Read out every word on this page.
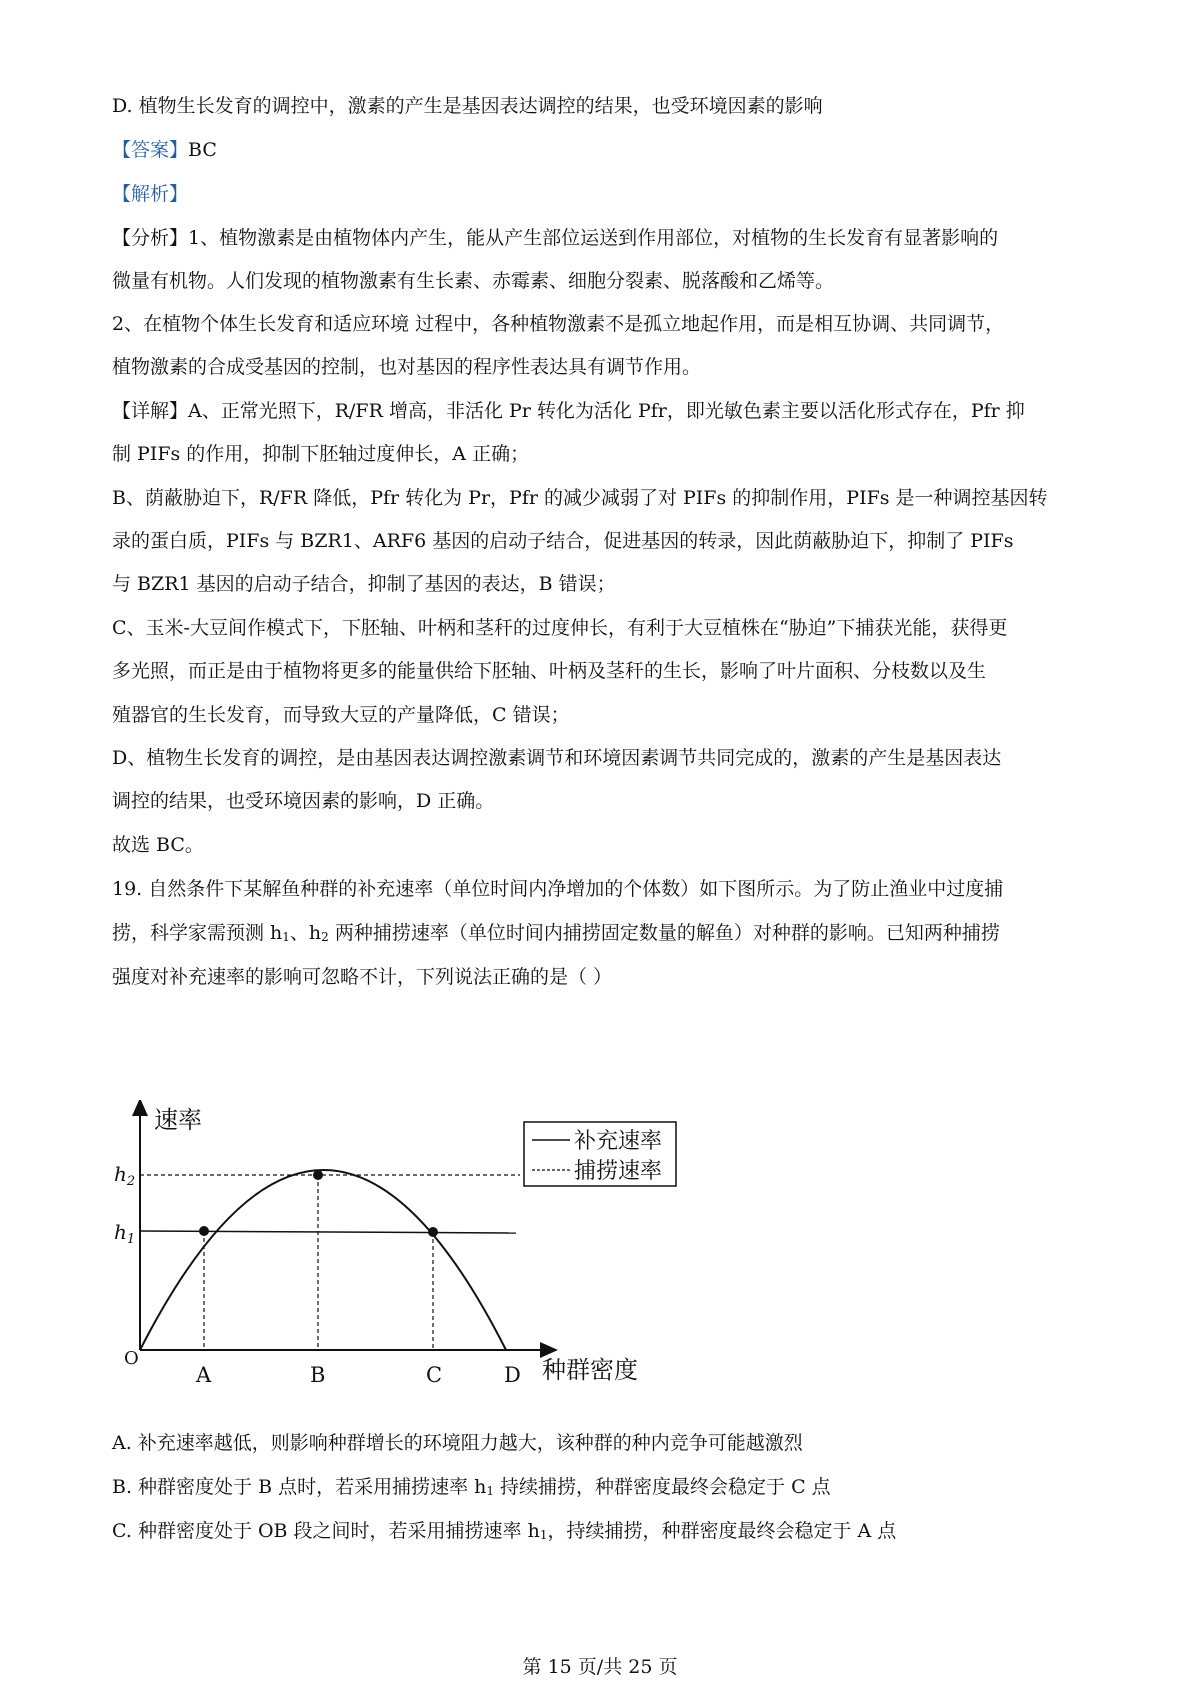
D. 植物生长发育的调控中，激素的产生是基因表达调控的结果，也受环境因素的影响
【答案】BC
【解析】
【分析】1、植物激素是由植物体内产生，能从产生部位运送到作用部位，对植物的生长发育有显著影响的
微量有机物。人们发现的植物激素有生长素、赤霉素、细胞分裂素、脱落酸和乙烯等。
2、在植物个体生长发育和适应环境 过程中，各种植物激素不是孤立地起作用，而是相互协调、共同调节，
植物激素的合成受基因的控制，也对基因的程序性表达具有调节作用。
【详解】A、正常光照下，R/FR 增高，非活化 Pr 转化为活化 Pfr，即光敏色素主要以活化形式存在，Pfr 抑
制 PIFs 的作用，抑制下胚轴过度伸长，A 正确；
B、荫蔽胁迫下，R/FR 降低，Pfr 转化为 Pr，Pfr 的减少减弱了对 PIFs 的抑制作用，PIFs 是一种调控基因转
录的蛋白质，PIFs 与 BZR1、ARF6 基因的启动子结合，促进基因的转录，因此荫蔽胁迫下，抑制了 PIFs
与 BZR1 基因的启动子结合，抑制了基因的表达，B 错误；
C、玉米-大豆间作模式下，下胚轴、叶柄和茎秆的过度伸长，有利于大豆植株在“胁迫”下捕获光能，获得更
多光照，而正是由于植物将更多的能量供给下胚轴、叶柄及茎秆的生长，影响了叶片面积、分枝数以及生
殖器官的生长发育，而导致大豆的产量降低，C 错误；
D、植物生长发育的调控，是由基因表达调控激素调节和环境因素调节共同完成的，激素的产生是基因表达
调控的结果，也受环境因素的影响，D 正确。
故选 BC。
19. 自然条件下某解鱼种群的补充速率（单位时间内净增加的个体数）如下图所示。为了防止渔业中过度捕
捞，科学家需预测 $h_1$、$h_2$ 两种捕捞速率（单位时间内捕捞固定数量的解鱼）对种群的影响。已知两种捕捞
强度对补充速率的影响可忽略不计，下列说法正确的是（ ）
速率
种群密度
O
$h_2$
$h_1$
A	B	C	D
补充速率
捕捞速率
A. 补充速率越低，则影响种群增长的环境阻力越大，该种群的种内竞争可能越激烈
B. 种群密度处于 B 点时，若采用捕捞速率 $h_1$ 持续捕捞，种群密度最终会稳定于 C 点
C. 种群密度处于 OB 段之间时，若采用捕捞速率 $h_1$，持续捕捞，种群密度最终会稳定于 A 点
第 15 页/共 25 页
